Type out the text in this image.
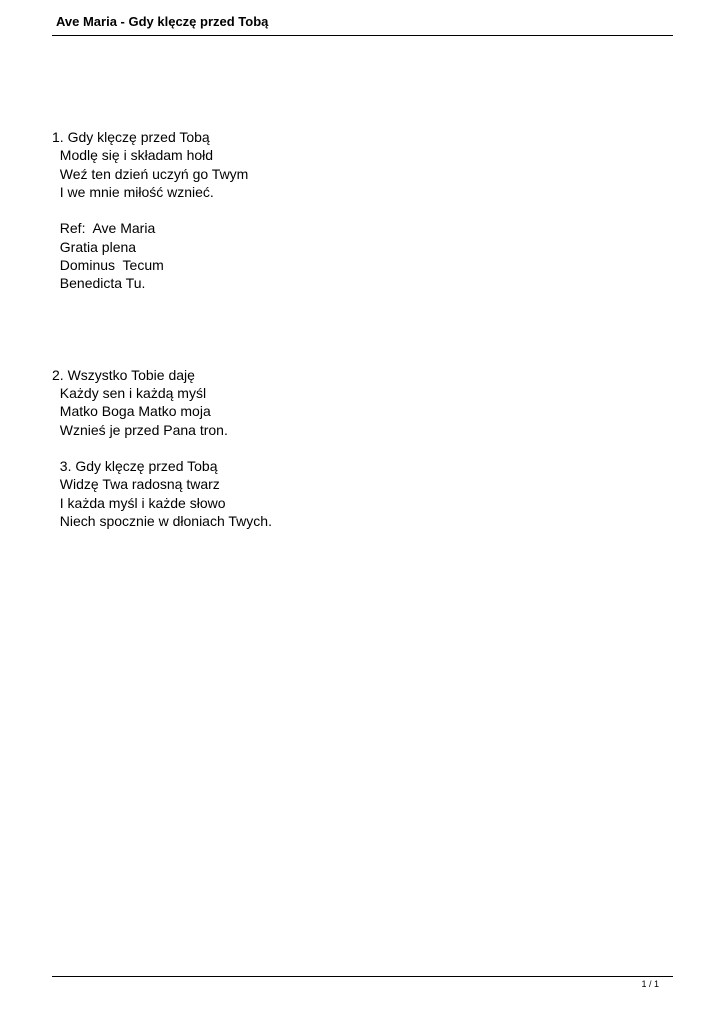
Ave Maria - Gdy klęczę przed Tobą
1. Gdy klęczę przed Tobą
Modlę się i składam hołd
Weź ten dzień uczyń go Twym
I we mnie miłość wznieć.
Ref:  Ave Maria
Gratia plena
Dominus  Tecum
Benedicta Tu.
2. Wszystko Tobie daję
Każdy sen i każdą myśl
Matko Boga Matko moja
Wznieś je przed Pana tron.
3. Gdy klęczę przed Tobą
Widzę Twa radosną twarz
I każda myśl i każde słowo
Niech spocznie w dłoniach Twych.
1 / 1
